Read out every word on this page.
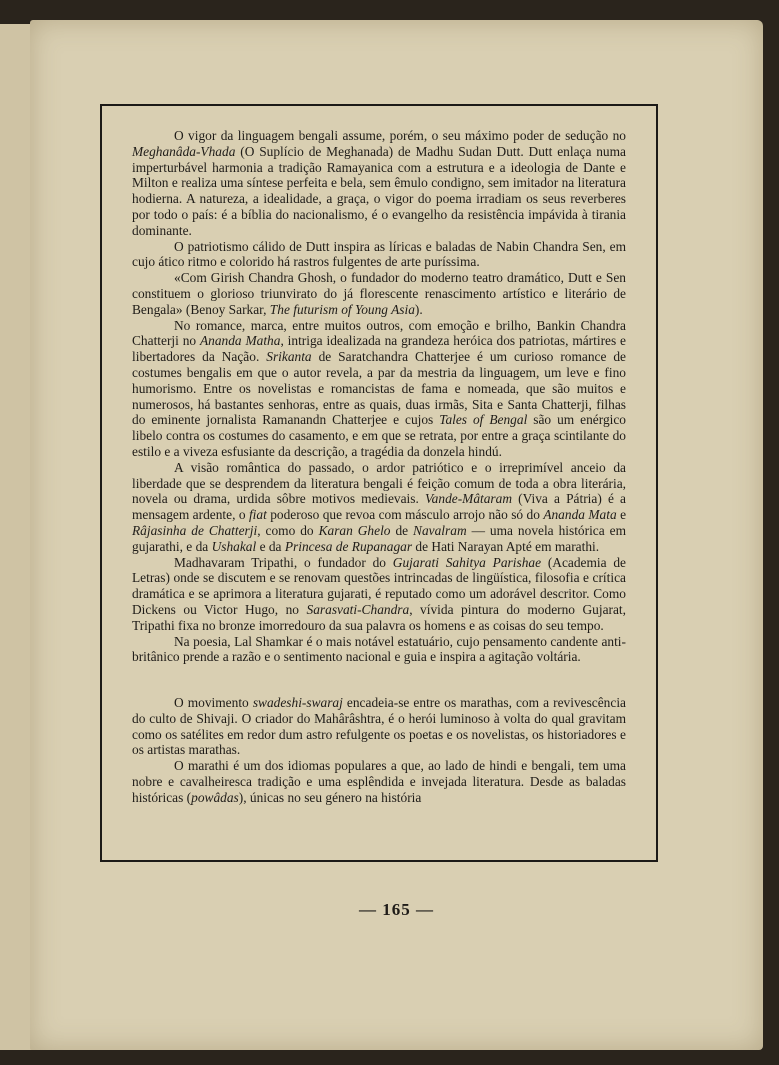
O vigor da linguagem bengali assume, porém, o seu máximo poder de sedução no Meghanâda-Vhada (O Suplício de Meghanada) de Madhu Sudan Dutt. Dutt enlaça numa imperturbável harmonia a tradição Ramayanica com a estrutura e a ideologia de Dante e Milton e realiza uma síntese perfeita e bela, sem êmulo condigno, sem imitador na literatura hodierna. A natureza, a idealidade, a graça, o vigor do poema irradiam os seus reverberes por todo o país: é a bíblia do nacionalismo, é o evangelho da resistência impávida à tirania dominante.

O patriotismo cálido de Dutt inspira as líricas e baladas de Nabin Chandra Sen, em cujo ático ritmo e colorido há rastros fulgentes de arte puríssima.

«Com Girish Chandra Ghosh, o fundador do moderno teatro dramático, Dutt e Sen constituem o glorioso triunvirato do já florescente renascimento artístico e literário de Bengala» (Benoy Sarkar, The futurism of Young Asia).

No romance, marca, entre muitos outros, com emoção e brilho, Bankin Chandra Chatterji no Ananda Matha, intriga idealizada na grandeza heróica dos patriotas, mártires e libertadores da Nação. Srikanta de Saratchandra Chatterjee é um curioso romance de costumes bengalis em que o autor revela, a par da mestria da linguagem, um leve e fino humorismo. Entre os novelistas e romancistas de fama e nomeada, que são muitos e numerosos, há bastantes senhoras, entre as quais, duas irmãs, Sita e Santa Chatterji, filhas do eminente jornalista Ramanandn Chatterjee e cujos Tales of Bengal são um enérgico libelo contra os costumes do casamento, e em que se retrata, por entre a graça scintilante do estilo e a viveza esfusiante da descrição, a tragédia da donzela hindú.

A visão romântica do passado, o ardor patriótico e o irreprimível anceio da liberdade que se desprendem da literatura bengali é feição comum de toda a obra literária, novela ou drama, urdida sôbre motivos medievais. Vande-Mâtaram (Viva a Pátria) é a mensagem ardente, o fiat poderoso que revoa com másculo arrojo não só do Ananda Mata e Râjasinha de Chatterji, como do Karan Ghelo de Navalram — uma novela histórica em gujarathi, e da Ushakal e da Princesa de Rupanagar de Hati Narayan Apté em marathi.

Madhavaram Tripathi, o fundador do Gujarati Sahitya Parishae (Academia de Letras) onde se discutem e se renovam questões intrincadas de lingüística, filosofia e crítica dramática e se aprimora a literatura gujarati, é reputado como um adorável descritor. Como Dickens ou Victor Hugo, no Sarasvati-Chandra, vívida pintura do moderno Gujarat, Tripathi fixa no bronze imorredouro da sua palavra os homens e as coisas do seu tempo.

Na poesia, Lal Shamkar é o mais notável estatuário, cujo pensamento candente anti-britânico prende a razão e o sentimento nacional e guia e inspira a agitação voltária.

O movimento swadeshi-swaraj encadeia-se entre os marathas, com a revivescência do culto de Shivaji. O criador do Mahârâshtra, é o herói luminoso à volta do qual gravitam como os satélites em redor dum astro refulgente os poetas e os novelistas, os historiadores e os artistas marathas.

O marathi é um dos idiomas populares a que, ao lado de hindi e bengali, tem uma nobre e cavalheiresca tradição e uma esplêndida e invejada literatura. Desde as baladas históricas (powâdas), únicas no seu género na história

— 165 —
